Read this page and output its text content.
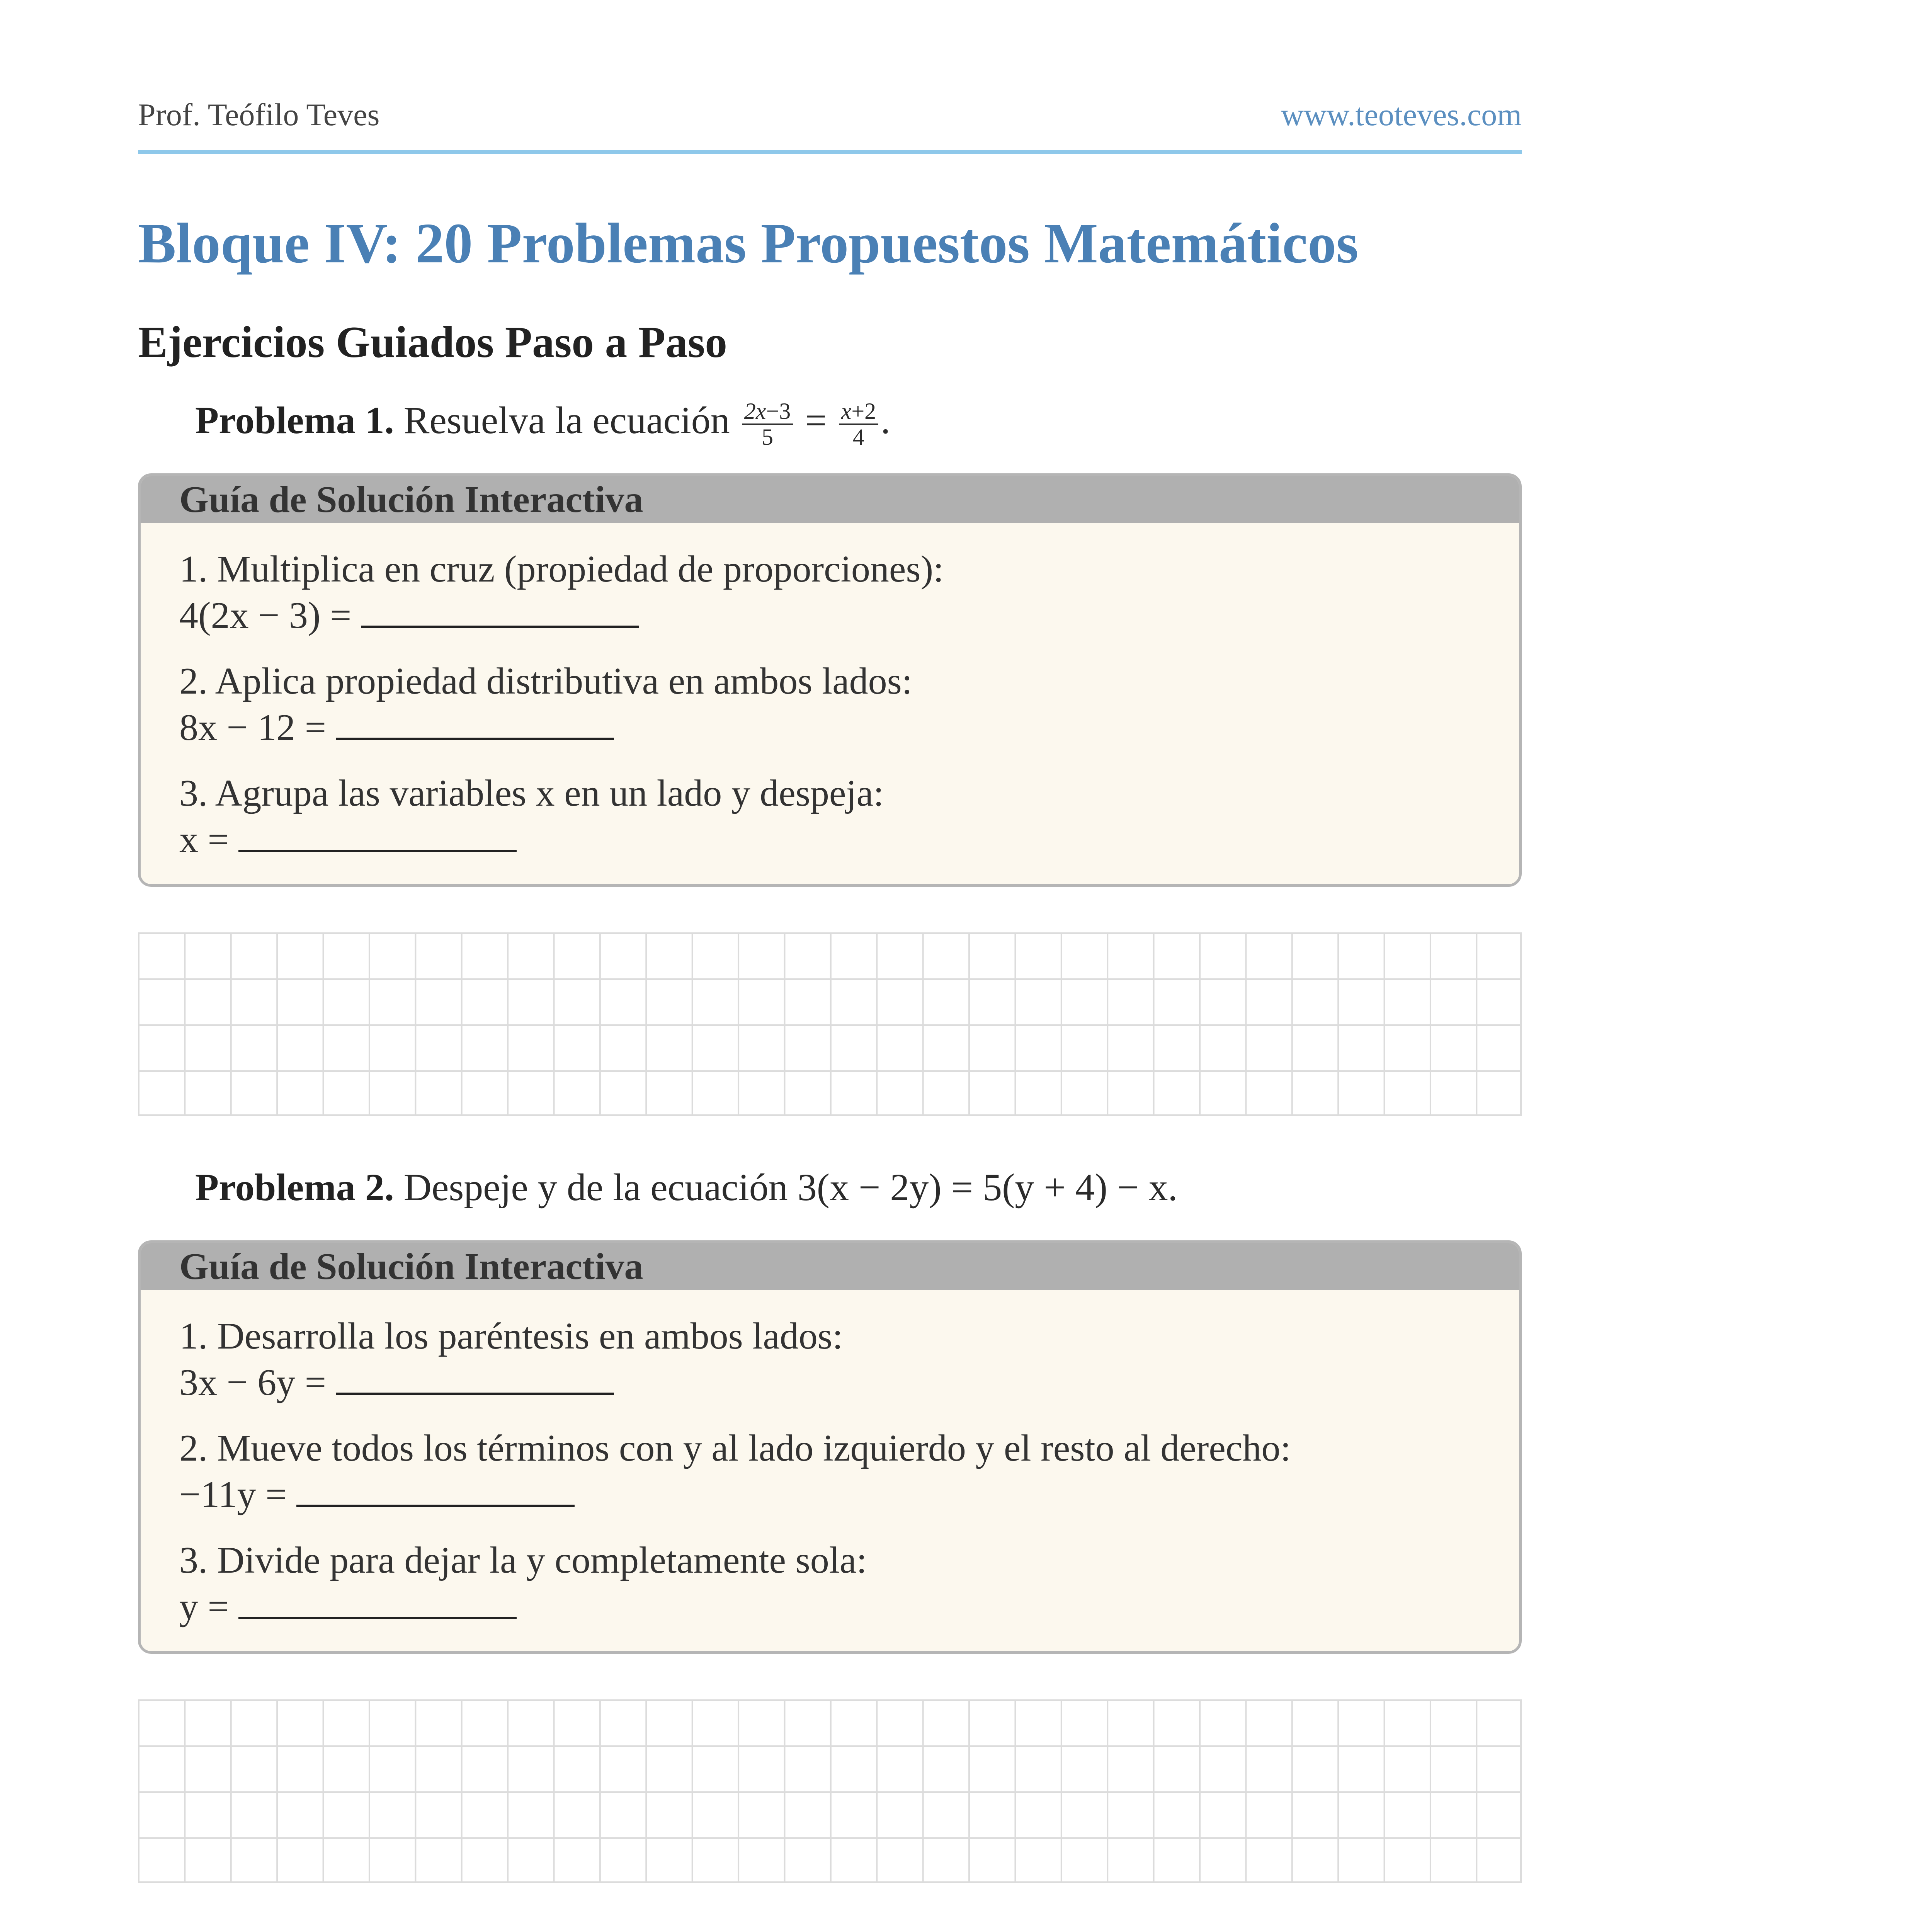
Prof. Teófilo Teves	www.teoteves.com
Bloque IV: 20 Problemas Propuestos Matemáticos
Ejercicios Guiados Paso a Paso
Problema 1. Resuelva la ecuación $\frac{2x-3}{5} = \frac{x+2}{4}$ .
Guía de Solución Interactiva
1. Multiplica en cruz (propiedad de proporciones):
4(2x − 3) =
2. Aplica propiedad distributiva en ambos lados:
8x − 12 =
3. Agrupa las variables x en un lado y despeja:
x =
Problema 2. Despeje y de la ecuación 3(x − 2y) = 5(y + 4) − x.
Guía de Solución Interactiva
1. Desarrolla los paréntesis en ambos lados:
3x − 6y =
2. Mueve todos los términos con y al lado izquierdo y el resto al derecho:
−11y =
3. Divide para dejar la y completamente sola:
y =
